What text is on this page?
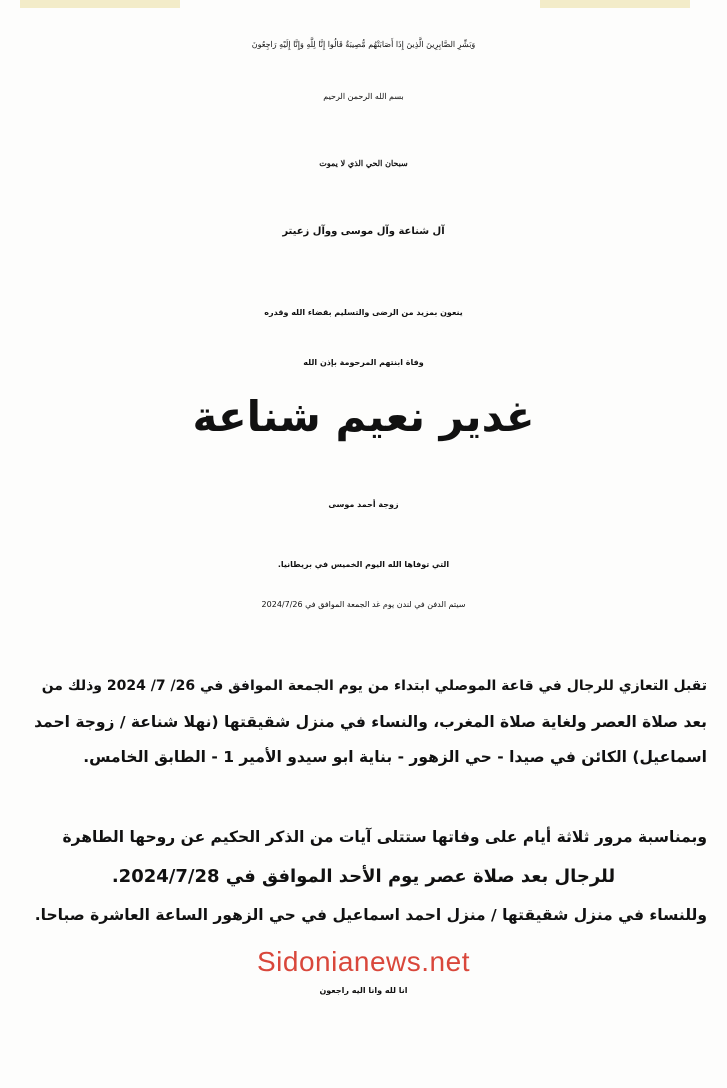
وَبَشِّرِ الصَّابِرِينَ الَّذِينَ إِذَا أَصَابَتْهُم مُّصِيبَةٌ قَالُوا إِنَّا لِلَّهِ وَإِنَّا إِلَيْهِ رَاجِعُونَ
بسم الله الرحمن الرحيم
سبحان الحي الذي لا يموت
آل شناعة وآل موسى ووآل زعيتر
ينعون بمزيد من الرضى والتسليم بقضاء الله وقدره
وفاة ابنتهم المرحومة بإذن الله
غدير نعيم شناعة
زوجة أحمد موسى
التي توفاها الله اليوم الخميس في بريطانيا.
سيتم الدفن في لندن يوم غد الجمعة الموافق في 2024/7/26
تقبل التعازي للرجال في قاعة الموصلي ابتداء من يوم الجمعة الموافق في 26/ 7/ 2024 وذلك من
بعد صلاة العصر ولغاية صلاة المغرب، والنساء في منزل شقيقتها (نهلا شناعة / زوجة احمد
اسماعيل) الكائن في صيدا - حي الزهور - بناية ابو سيدو الأمير 1 - الطابق الخامس.
وبمناسبة مرور ثلاثة أيام على وفاتها ستتلى آيات من الذكر الحكيم عن روحها الطاهرة
للرجال بعد صلاة عصر يوم الأحد الموافق في 2024/7/28.
وللنساء في منزل شقيقتها / منزل احمد اسماعيل في حي الزهور الساعة العاشرة صباحا.
Sidonianews.net
انا لله وانا اليه راجعون
